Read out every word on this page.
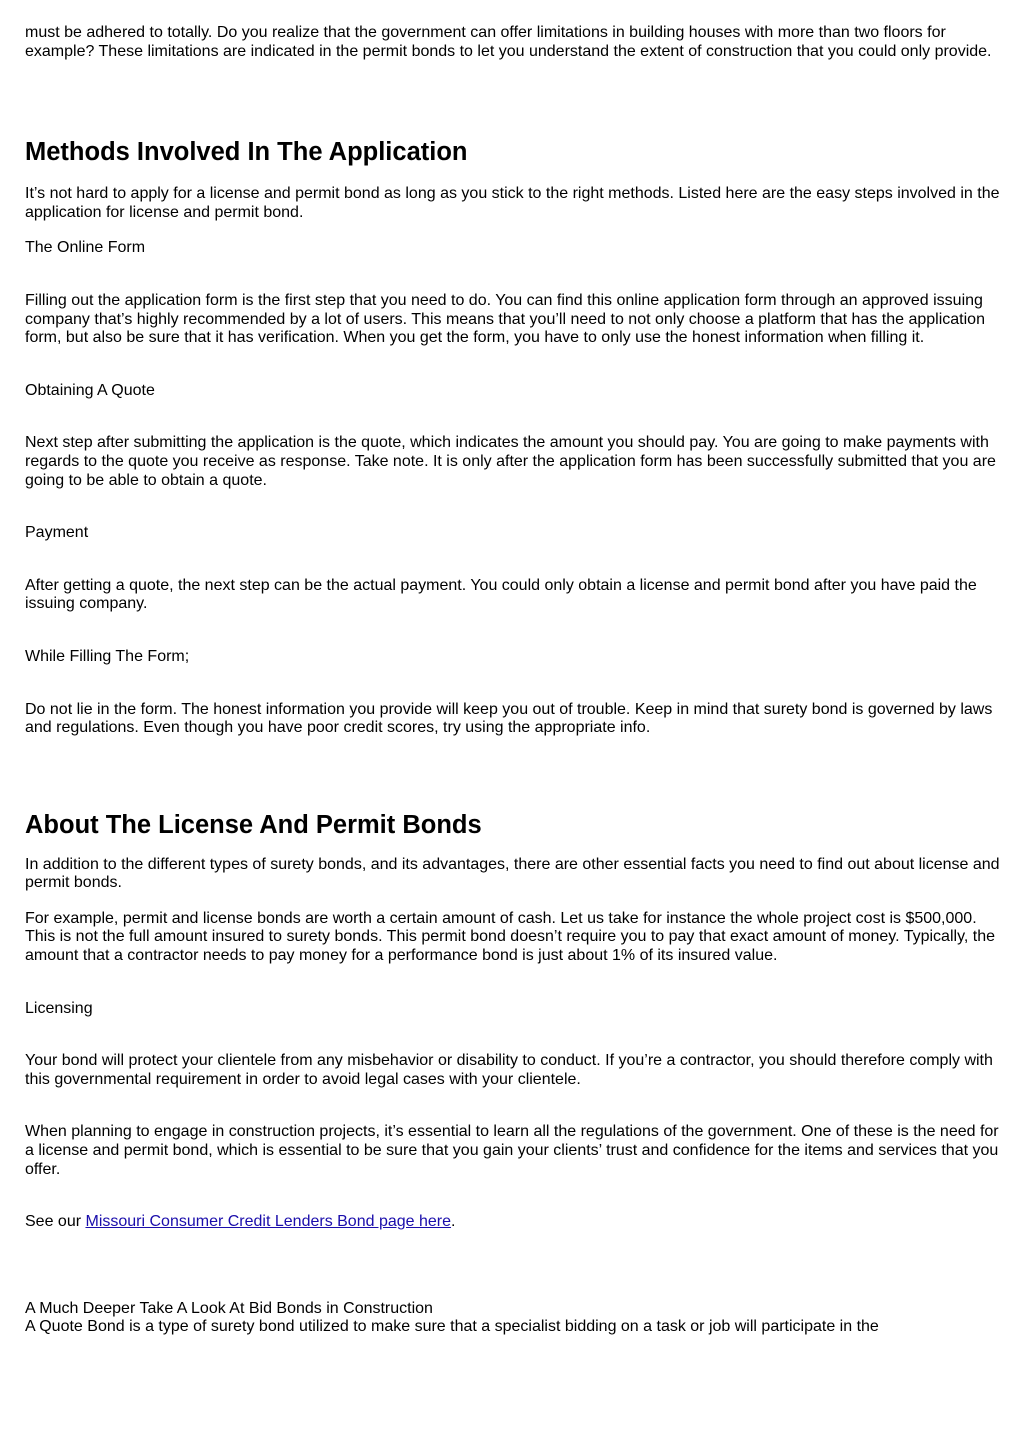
must be adhered to totally. Do you realize that the government can offer limitations in building houses with more than two floors for example? These limitations are indicated in the permit bonds to let you understand the extent of construction that you could only provide.

Methods Involved In The Application

It’s not hard to apply for a license and permit bond as long as you stick to the right methods. Listed here are the easy steps involved in the application for license and permit bond.

The Online Form

Filling out the application form is the first step that you need to do. You can find this online application form through an approved issuing company that’s highly recommended by a lot of users. This means that you’ll need to not only choose a platform that has the application form, but also be sure that it has verification. When you get the form, you have to only use the honest information when filling it.

Obtaining A Quote

Next step after submitting the application is the quote, which indicates the amount you should pay. You are going to make payments with regards to the quote you receive as response. Take note. It is only after the application form has been successfully submitted that you are going to be able to obtain a quote.

Payment

After getting a quote, the next step can be the actual payment. You could only obtain a license and permit bond after you have paid the issuing company.

While Filling The Form;

Do not lie in the form. The honest information you provide will keep you out of trouble. Keep in mind that surety bond is governed by laws and regulations. Even though you have poor credit scores, try using the appropriate info.

About The License And Permit Bonds

In addition to the different types of surety bonds, and its advantages, there are other essential facts you need to find out about license and permit bonds.

For example, permit and license bonds are worth a certain amount of cash. Let us take for instance the whole project cost is $500,000. This is not the full amount insured to surety bonds. This permit bond doesn’t require you to pay that exact amount of money. Typically, the amount that a contractor needs to pay money for a performance bond is just about 1% of its insured value.

Licensing

Your bond will protect your clientele from any misbehavior or disability to conduct. If you’re a contractor, you should therefore comply with this governmental requirement in order to avoid legal cases with your clientele.

When planning to engage in construction projects, it’s essential to learn all the regulations of the government. One of these is the need for a license and permit bond, which is essential to be sure that you gain your clients’ trust and confidence for the items and services that you offer.

See our Missouri Consumer Credit Lenders Bond page here.

A Much Deeper Take A Look At Bid Bonds in Construction

A Quote Bond is a type of surety bond utilized to make sure that a specialist bidding on a task or job will participate in the
